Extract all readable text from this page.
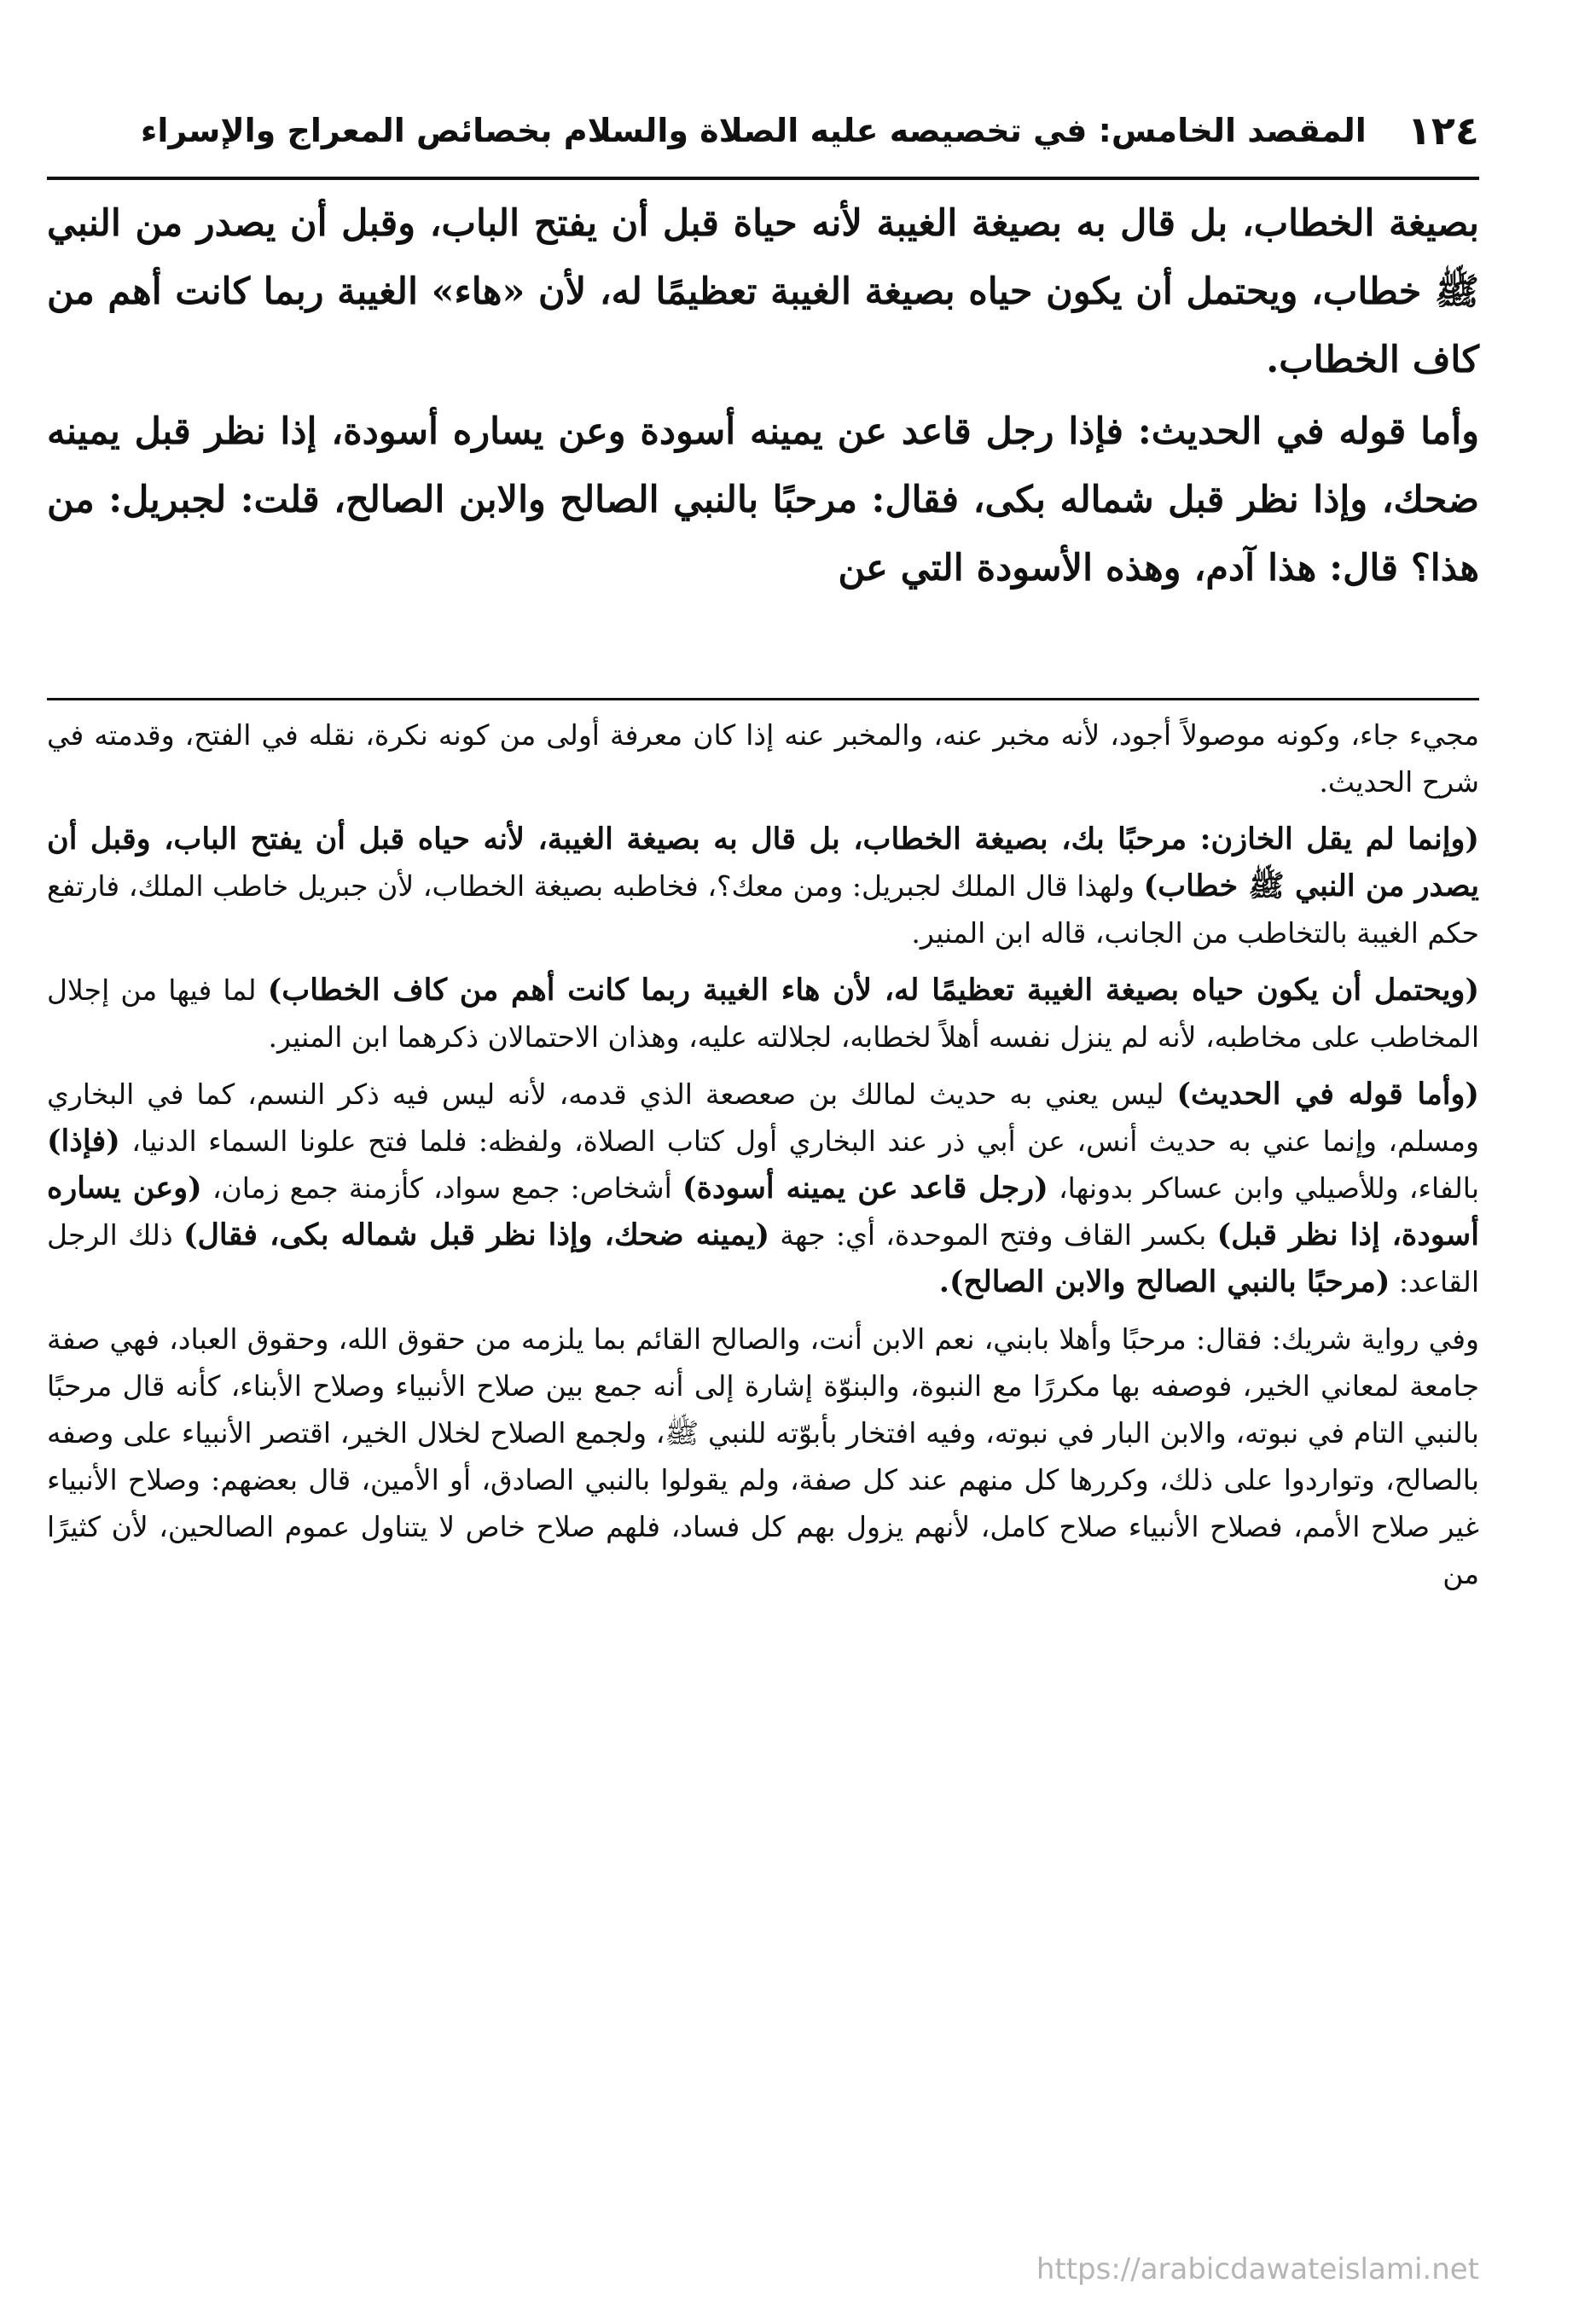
١٢٤
المقصد الخامس: في تخصيصه عليه الصلاة والسلام بخصائص المعراج والإسراء

بصيغة الخطاب، بل قال به بصيغة الغيبة لأنه حياة قبل أن يفتح الباب، وقبل أن يصدر من النبي ﷺ خطاب، ويحتمل أن يكون حياه بصيغة الغيبة تعظيمًا له، لأن «هاء» الغيبة ربما كانت أهم من كاف الخطاب.

وأما قوله في الحديث: فإذا رجل قاعد عن يمينه أسودة وعن يساره أسودة، إذا نظر قبل يمينه ضحك، وإذا نظر قبل شماله بكى، فقال: مرحبًا بالنبي الصالح والابن الصالح، قلت: لجبريل: من هذا؟ قال: هذا آدم، وهذه الأسودة التي عن

مجيء جاء، وكونه موصولاً أجود، لأنه مخبر عنه، والمخبر عنه إذا كان معرفة أولى من كونه نكرة، نقله في الفتح، وقدمته في شرح الحديث.

(وإنما لم يقل الخازن: مرحبًا بك، بصيغة الخطاب، بل قال به بصيغة الغيبة، لأنه حياه قبل أن يفتح الباب، وقبل أن يصدر من النبي ﷺ خطاب) ولهذا قال الملك لجبريل: ومن معك؟، فخاطبه بصيغة الخطاب، لأن جبريل خاطب الملك، فارتفع حكم الغيبة بالتخاطب من الجانب، قاله ابن المنير.

(ويحتمل أن يكون حياه بصيغة الغيبة تعظيمًا له، لأن هاء الغيبة ربما كانت أهم من كاف الخطاب) لما فيها من إجلال المخاطب على مخاطبه، لأنه لم ينزل نفسه أهلاً لخطابه، لجلالته عليه، وهذان الاحتمالان ذكرهما ابن المنير.

(وأما قوله في الحديث) ليس يعني به حديث لمالك بن صعصعة الذي قدمه، لأنه ليس فيه ذكر النسم، كما في البخاري ومسلم، وإنما عني به حديث أنس، عن أبي ذر عند البخاري أول كتاب الصلاة، ولفظه: فلما فتح علونا السماء الدنيا، (فإذا) بالفاء، وللأصيلي وابن عساكر بدونها، (رجل قاعد عن يمينه أسودة) أشخاص: جمع سواد، كأزمنة جمع زمان، (وعن يساره أسودة، إذا نظر قبل) بكسر القاف وفتح الموحدة، أي: جهة (يمينه ضحك، وإذا نظر قبل شماله بكى، فقال) ذلك الرجل القاعد: (مرحبًا بالنبي الصالح والابن الصالح).

وفي رواية شريك: فقال: مرحبًا وأهلا بابني، نعم الابن أنت، والصالح القائم بما يلزمه من حقوق الله، وحقوق العباد، فهي صفة جامعة لمعاني الخير، فوصفه بها مكررًا مع النبوة، والبنوّة إشارة إلى أنه جمع بين صلاح الأنبياء وصلاح الأبناء، كأنه قال مرحبًا بالنبي التام في نبوته، والابن البار في نبوته، وفيه افتخار بأبوّته للنبي ﷺ، ولجمع الصلاح لخلال الخير، اقتصر الأنبياء على وصفه بالصالح، وتواردوا على ذلك، وكررها كل منهم عند كل صفة، ولم يقولوا بالنبي الصادق، أو الأمين، قال بعضهم: وصلاح الأنبياء غير صلاح الأمم، فصلاح الأنبياء صلاح كامل، لأنهم يزول بهم كل فساد، فلهم صلاح خاص لا يتناول عموم الصالحين، لأن كثيرًا من

https://arabicdawateislami.net
